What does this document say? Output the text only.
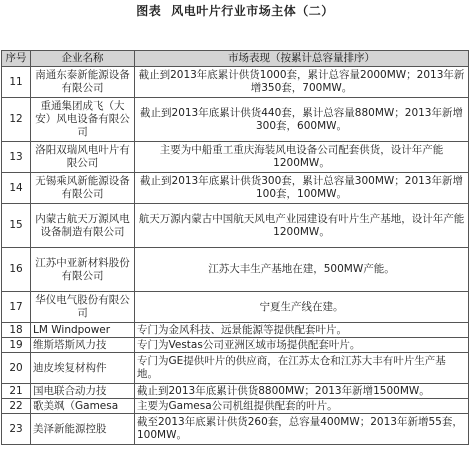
图表 风电叶片行业市场主体（二）
序号	企业名称	市场表现（按累计总容量排序）
11	南通东泰新能源设备有限公司	截止到2013年底累计供货1000套，累计总容量2000MW；2013年新增350套，700MW。
12	重通集团成飞（大安）风电设备有限公司	截止到2013年底累计供货440套，累计总容量880MW；2013年新增300套，600MW。
13	洛阳双瑞风电叶片有限公司	主要为中船重工重庆海装风电设备公司配套供货，设计年产能1200MW。
14	无锡乘风新能源设备有限公司	截止到2013年底累计供货300套，累计总容量300MW；2013年新增100套，100MW。
15	内蒙古航天万源风电设备制造有限公司	航天万源内蒙古中国航天风电产业园建设有叶片生产基地，设计年产能1200MW。
16	江苏中亚新材料股份有限公司	江苏大丰生产基地在建，500MW产能。
17	华仪电气股份有限公司	宁夏生产线在建。
18	LM Windpower	专门为金风科技、远景能源等提供配套叶片。
19	维斯塔斯风力技	专门为Vestas公司亚洲区域市场提供配套叶片。
20	迪皮埃复材构件	专门为GE提供叶片的供应商，在江苏太仓和江苏大丰有叶片生产基地。
21	国电联合动力技	截止到2013年底累计供货8800MW；2013年新增1500MW。
22	歌美飒（Gamesa	主要为Gamesa公司机组提供配套的叶片。
23	美泽新能源控股	截至2013年底累计供货260套，总容量400MW；2013年新增55套，100MW。
